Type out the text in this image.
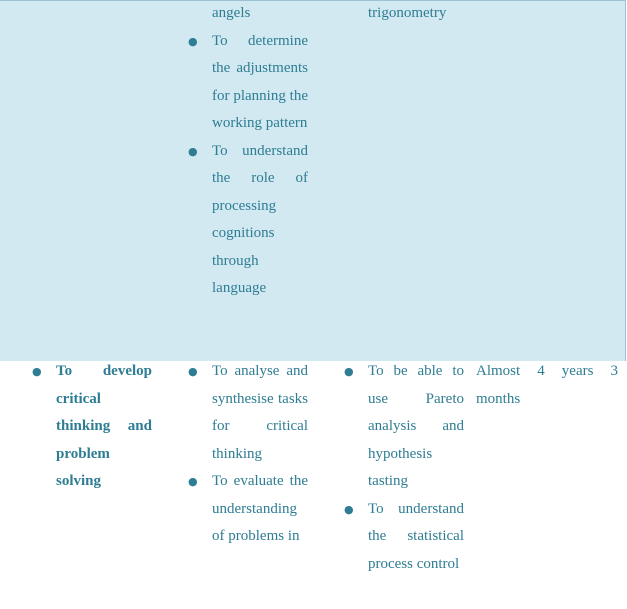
angels
● To determine the adjustments for planning the working pattern
● To understand the role of processing cognitions through language
trigonometry
● To develop critical thinking and problem solving
● To analyse and synthesise tasks for critical thinking
● To evaluate the understanding of problems in
● To be able to use Pareto analysis and hypothesis tasting
● To understand the statistical process control
Almost 4 years 3 months
